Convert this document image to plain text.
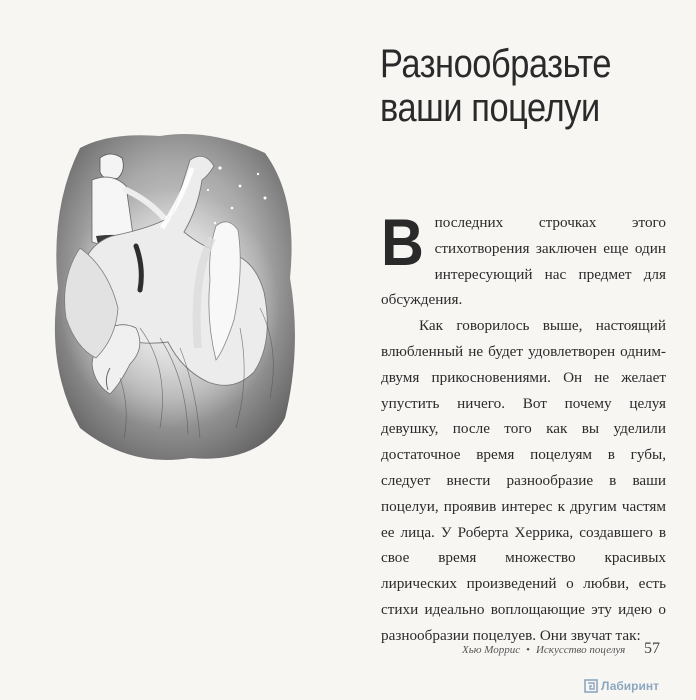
Разнообразьте
ваши поцелуи

В последних строчках этого стихотворения заключен еще один интересующий нас предмет для обсуждения.

Как говорилось выше, настоящий влюбленный не будет удовлетворен одним-двумя прикосновениями. Он не желает упустить ничего. Вот почему целуя девушку, после того как вы уделили достаточное время поцелуям в губы, следует внести разнообразие в ваши поцелуи, проявив интерес к другим частям ее лица. У Роберта Херрика, создавшего в свое время множество красивых лирических произведений о любви, есть стихи идеально воплощающие эту идею о разнообразии поцелуев. Они звучат так:

Хью Моррис • Искусство поцелуя 57
Лабиринт
